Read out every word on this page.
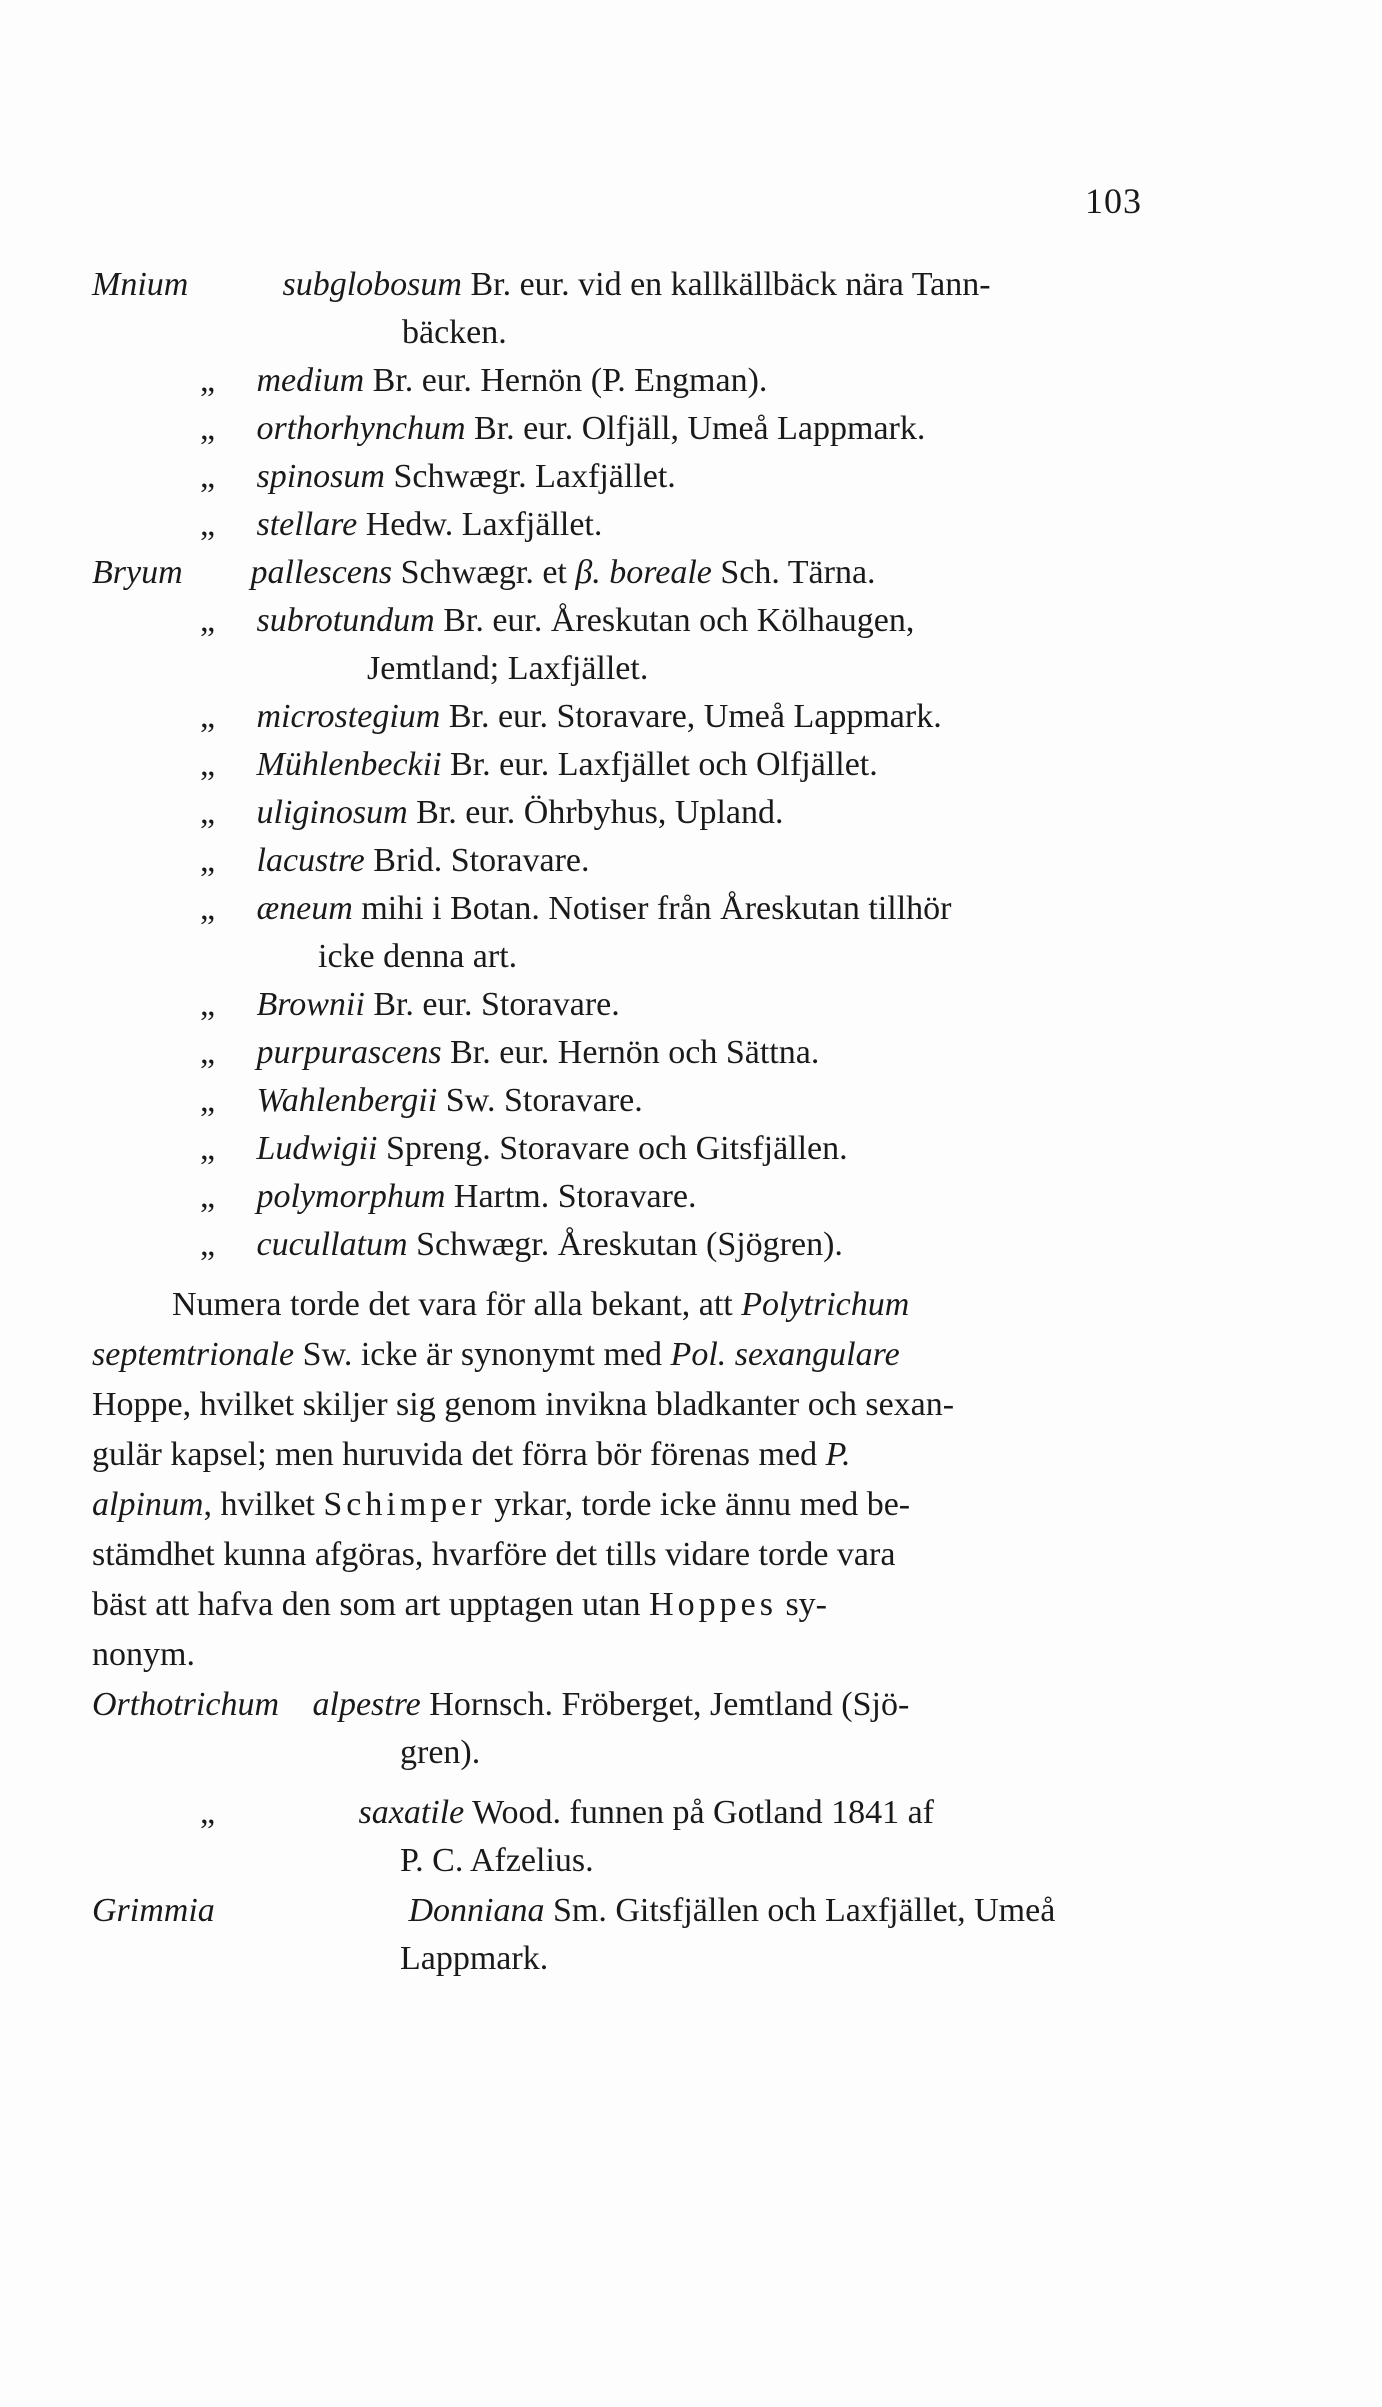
103
Mnium	subglobosum Br. eur. vid en kallkällbäck nära Tann-
bäcken.
„ medium Br. eur. Hernön (P. Engman).
„ orthorhynchum Br. eur. Olfjäll, Umeå Lappmark.
„ spinosum Schwægr. Laxfjället.
„ stellare Hedw. Laxfjället.
Bryum pallescens Schwægr. et β. boreale Sch. Tärna.
„ subrotundum Br. eur. Åreskutan och Kölhaugen,
Jemtland; Laxfjället.
„ microstegium Br. eur. Storavare, Umeå Lappmark.
„ Mühlenbeckii Br. eur. Laxfjället och Olfjället.
„ uliginosum Br. eur. Öhrbyhus, Upland.
„ lacustre Brid. Storavare.
„ æneum mihi i Botan. Notiser från Åreskutan tillhör
icke denna art.
„ Brownii Br. eur. Storavare.
„ purpurascens Br. eur. Hernön och Sättna.
„ Wahlenbergii Sw. Storavare.
„ Ludwigii Spreng. Storavare och Gitsfjällen.
„ polymorphum Hartm. Storavare.
„ cucullatum Schwægr. Åreskutan (Sjögren).
Numera torde det vara för alla bekant, att Polytrichum
septemtrionale Sw. icke är synonymt med Pol. sexangulare
Hoppe, hvilket skiljer sig genom invikna bladkanter och sexan-
gulär kapsel; men huruvida det förra bör förenas med P.
alpinum, hvilket Schimper yrkar, torde icke ännu med be-
stämdhet kunna afgöras, hvarföre det tills vidare torde vara
bäst att hafva den som art upptagen utan Hoppes sy-
nonym.
Orthotrichum alpestre Hornsch. Fröberget, Jemtland (Sjö-
gren).
„	saxatile Wood. funnen på Gotland 1841 af
P. C. Afzelius.
Grimmia	Donniana Sm. Gitsfjällen och Laxfjället, Umeå
Lappmark.
